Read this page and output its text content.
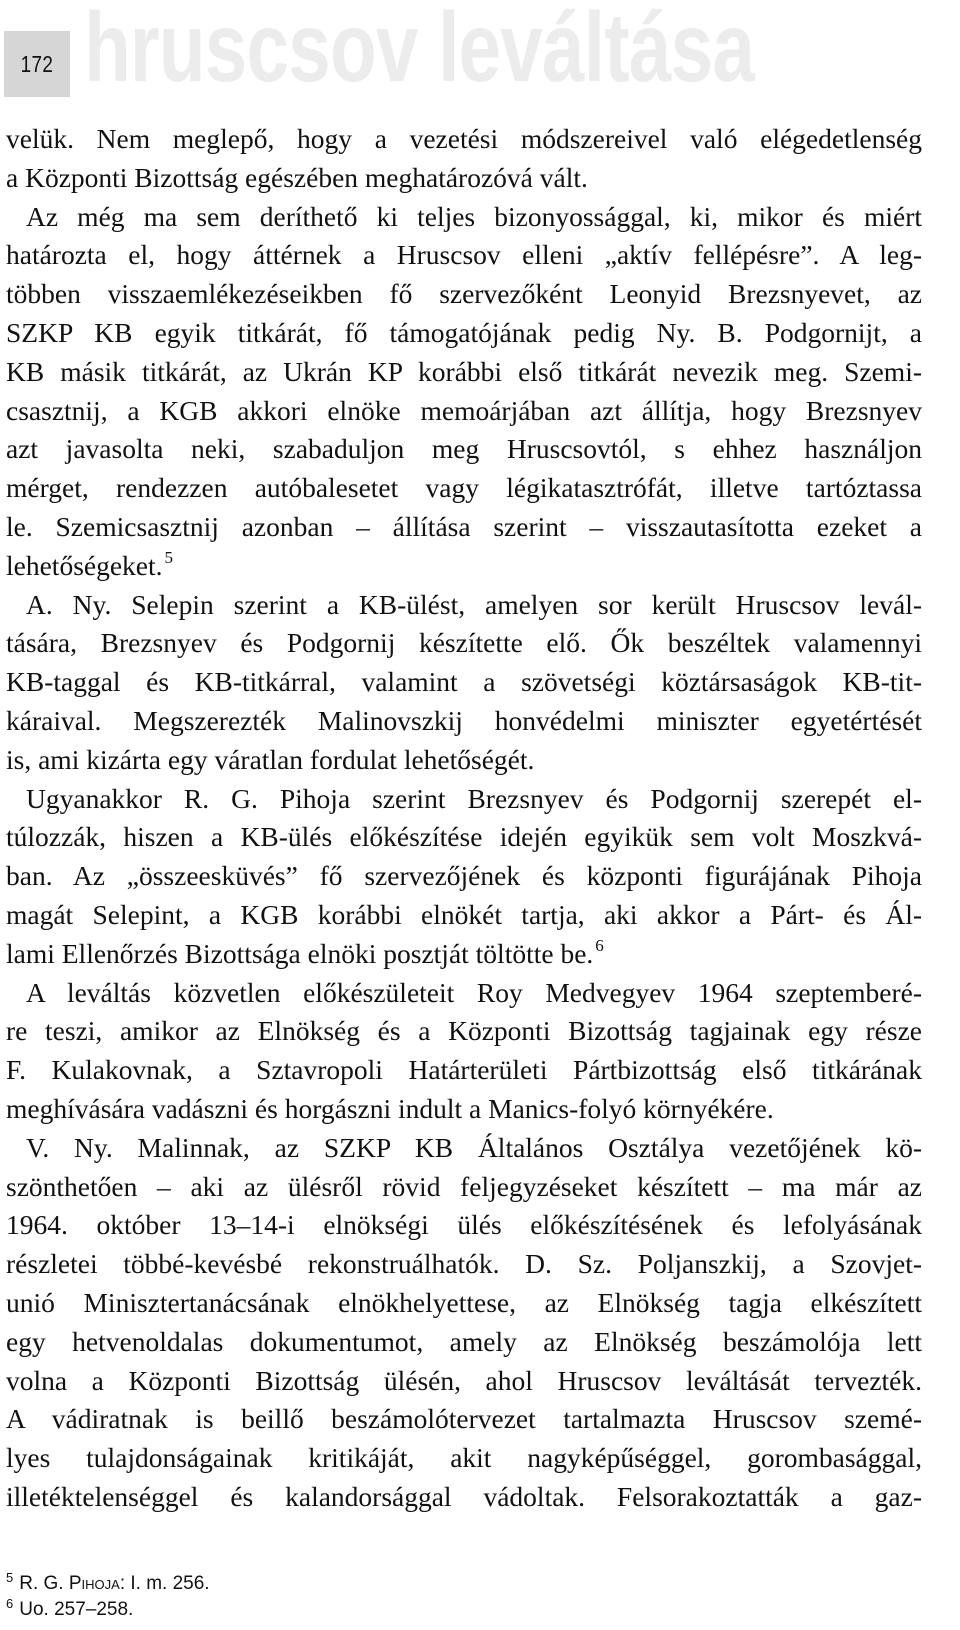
hruscsov leváltása
172
velük. Nem meglepő, hogy a vezetési módszereivel való elégedetlenség
a Központi Bizottság egészében meghatározóvá vált.
Az még ma sem deríthető ki teljes bizonyossággal, ki, mikor és miért
határozta el, hogy áttérnek a Hruscsov elleni „aktív fellépésre”. A leg-
többen visszaemlékezéseikben fő szervezőként Leonyid Brezsnyevet, az
SZKP KB egyik titkárát, fő támogatójának pedig Ny. B. Podgornijt, a
KB másik titkárát, az Ukrán KP korábbi első titkárát nevezik meg. Szemi-
csasztnij, a KGB akkori elnöke memoárjában azt állítja, hogy Brezsnyev
azt javasolta neki, szabaduljon meg Hruscsovtól, s ehhez használjon
mérget, rendezzen autóbalesetet vagy légikatasztrófát, illetve tartóztassa
le. Szemicsasztnij azonban – állítása szerint – visszautasította ezeket a
lehetőségeket. $^5$
A. Ny. Selepin szerint a KB-ülést, amelyen sor került Hruscsov levál-
tására, Brezsnyev és Podgornij készítette elő. Ők beszéltek valamennyi
KB-taggal és KB-titkárral, valamint a szövetségi köztársaságok KB-tit-
káraival. Megszerezték Malinovszkij honvédelmi miniszter egyetértését
is, ami kizárta egy váratlan fordulat lehetőségét.
Ugyanakkor R. G. Pihoja szerint Brezsnyev és Podgornij szerepét el-
túlozzák, hiszen a KB-ülés előkészítése idején egyikük sem volt Moszkvá-
ban. Az „összeesküvés” fő szervezőjének és központi figurájának Pihoja
magát Selepint, a KGB korábbi elnökét tartja, aki akkor a Párt- és Ál-
lami Ellenőrzés Bizottsága elnöki posztját töltötte be. $^6$
A leváltás közvetlen előkészületeit Roy Medvegyev 1964 szeptemberé-
re teszi, amikor az Elnökség és a Központi Bizottság tagjainak egy része
F. Kulakovnak, a Sztavropoli Határterületi Pártbizottság első titkárának
meghívására vadászni és horgászni indult a Manics-folyó környékére.
V. Ny. Malinnak, az SZKP KB Általános Osztálya vezetőjének kö-
szönthetően – aki az ülésről rövid feljegyzéseket készített – ma már az
1964. október 13–14-i elnökségi ülés előkészítésének és lefolyásának
részletei többé-kevésbé rekonstruálhatók. D. Sz. Poljanszkij, a Szovjet-
unió Minisztertanácsának elnökhelyettese, az Elnökség tagja elkészített
egy hetvenoldalas dokumentumot, amely az Elnökség beszámolója lett
volna a Központi Bizottság ülésén, ahol Hruscsov leváltását tervezték.
A vádiratnak is beillő beszámolótervezet tartalmazta Hruscsov szemé-
lyes tulajdonságainak kritikáját, akit nagyképűséggel, gorombasággal,
illetéktelenséggel és kalandorsággal vádoltak. Felsorakoztatták a gaz-
$^5$ R. G. Pihoja: I. m. 256.
$^6$ Uo. 257–258.
